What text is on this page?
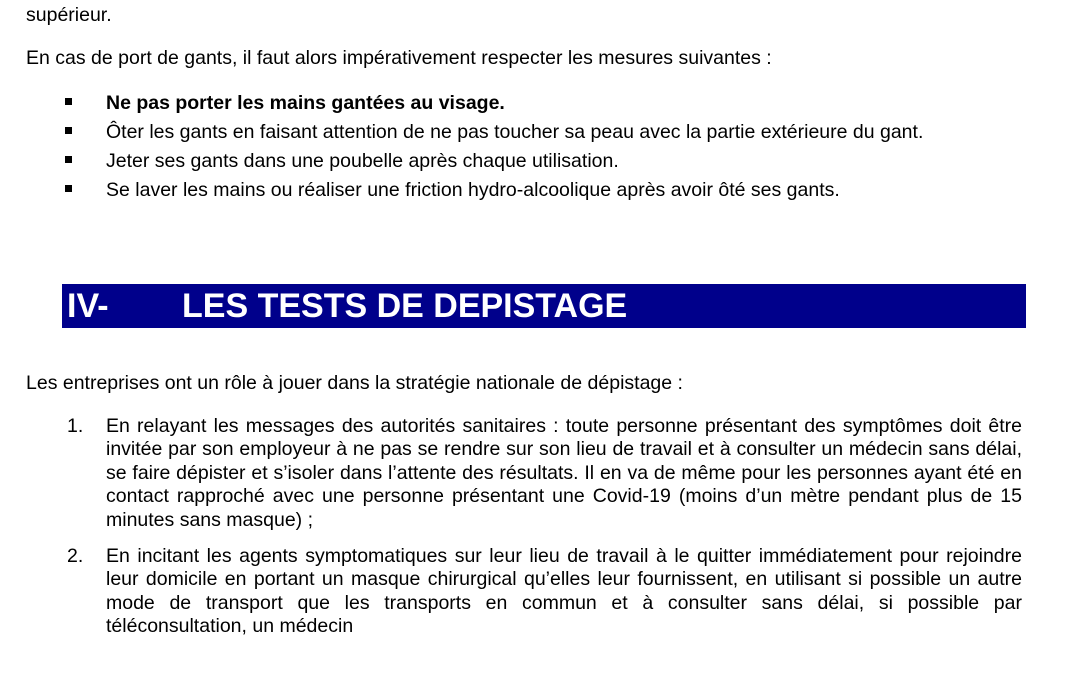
supérieur.
En cas de port de gants, il faut alors impérativement respecter les mesures suivantes :
Ne pas porter les mains gantées au visage.
Ôter les gants en faisant attention de ne pas toucher sa peau avec la partie extérieure du gant.
Jeter ses gants dans une poubelle après chaque utilisation.
Se laver les mains ou réaliser une friction hydro-alcoolique après avoir ôté ses gants.
IV- LES TESTS DE DEPISTAGE
Les entreprises ont un rôle à jouer dans la stratégie nationale de dépistage :
1. En relayant les messages des autorités sanitaires : toute personne présentant des symptômes doit être invitée par son employeur à ne pas se rendre sur son lieu de travail et à consulter un médecin sans délai, se faire dépister et s’isoler dans l’attente des résultats. Il en va de même pour les personnes ayant été en contact rapproché avec une personne présentant une Covid-19 (moins d’un mètre pendant plus de 15 minutes sans masque) ;
2. En incitant les agents symptomatiques sur leur lieu de travail à le quitter immédiatement pour rejoindre leur domicile en portant un masque chirurgical qu’elles leur fournissent, en utilisant si possible un autre mode de transport que les transports en commun et à consulter sans délai, si possible par téléconsultation, un médecin
